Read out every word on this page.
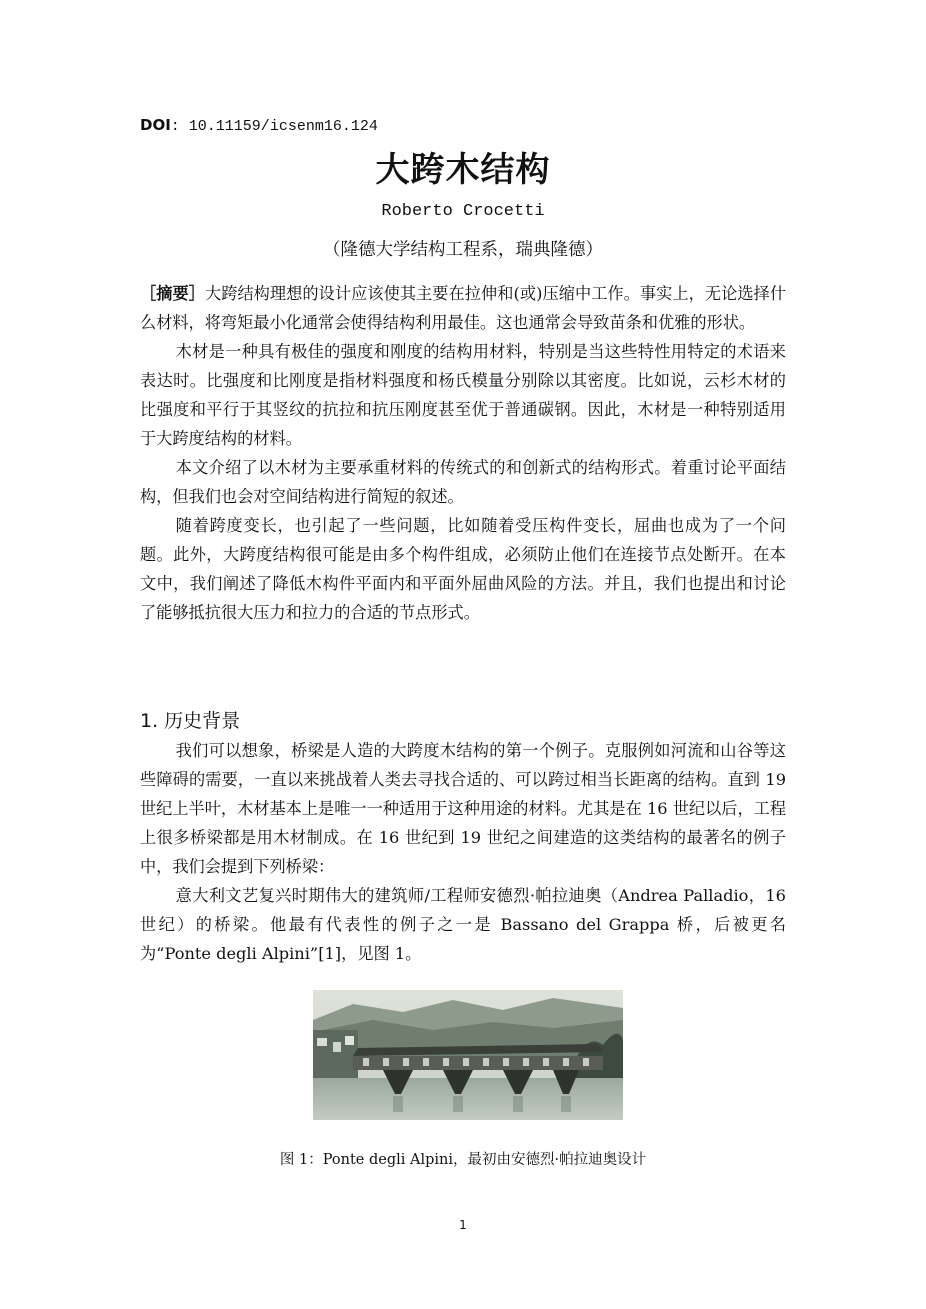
DOI: 10.11159/icsenm16.124
大跨木结构
Roberto Crocetti
（隆德大学结构工程系，瑞典隆德）

［摘要］大跨结构理想的设计应该使其主要在拉伸和(或)压缩中工作。事实上，无论选择什么材料，将弯矩最小化通常会使得结构利用最佳。这也通常会导致苗条和优雅的形状。

木材是一种具有极佳的强度和刚度的结构用材料，特别是当这些特性用特定的术语来表达时。比强度和比刚度是指材料强度和杨氏模量分别除以其密度。比如说，云杉木材的比强度和平行于其竖纹的抗拉和抗压刚度甚至优于普通碳钢。因此，木材是一种特别适用于大跨度结构的材料。

本文介绍了以木材为主要承重材料的传统式的和创新式的结构形式。着重讨论平面结构，但我们也会对空间结构进行简短的叙述。

随着跨度变长，也引起了一些问题，比如随着受压构件变长，屈曲也成为了一个问题。此外，大跨度结构很可能是由多个构件组成，必须防止他们在连接节点处断开。在本文中，我们阐述了降低木构件平面内和平面外屈曲风险的方法。并且，我们也提出和讨论了能够抵抗很大压力和拉力的合适的节点形式。

1. 历史背景

我们可以想象，桥梁是人造的大跨度木结构的第一个例子。克服例如河流和山谷等这些障碍的需要，一直以来挑战着人类去寻找合适的、可以跨过相当长距离的结构。直到 19 世纪上半叶，木材基本上是唯一一种适用于这种用途的材料。尤其是在 16 世纪以后，工程上很多桥梁都是用木材制成。在 16 世纪到 19 世纪之间建造的这类结构的最著名的例子中，我们会提到下列桥梁：

意大利文艺复兴时期伟大的建筑师/工程师安德烈·帕拉迪奥（Andrea Palladio，16 世纪）的桥梁。他最有代表性的例子之一是 Bassano del Grappa 桥，后被更名为“Ponte degli Alpini”[1]，见图 1。

图 1：Ponte degli Alpini，最初由安德烈·帕拉迪奥设计
1
